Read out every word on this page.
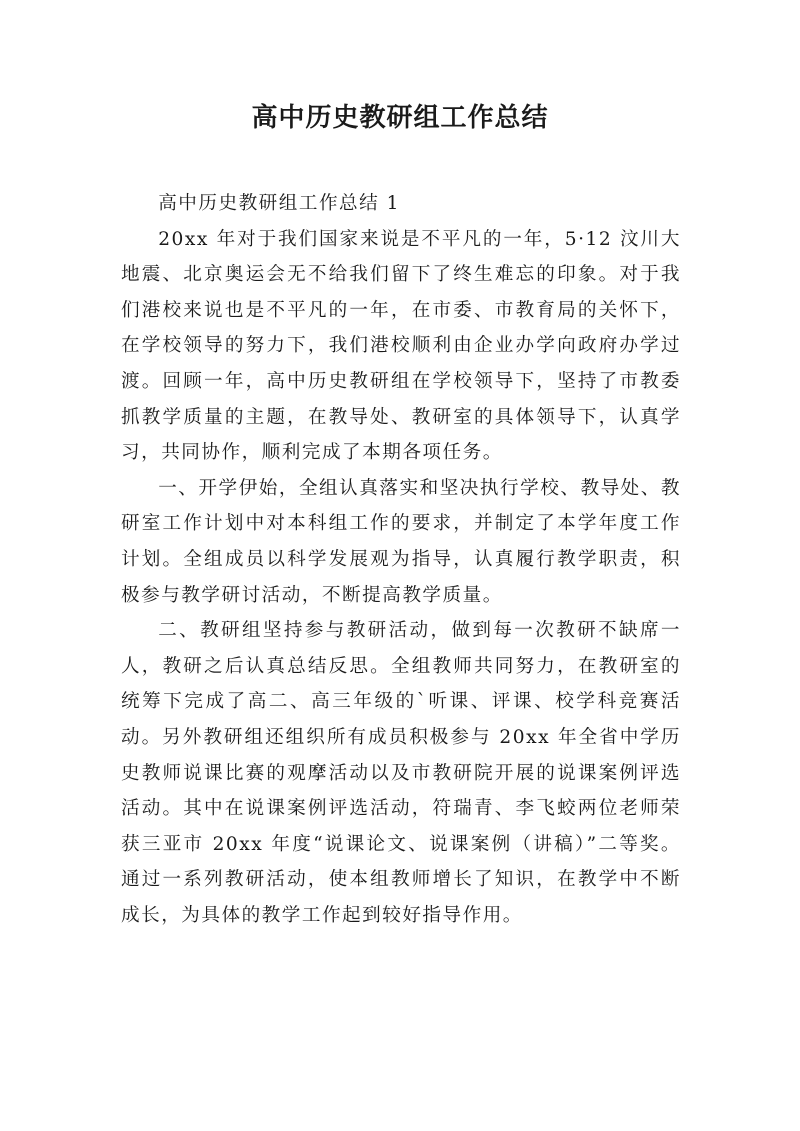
高中历史教研组工作总结

高中历史教研组工作总结 1

20xx 年对于我们国家来说是不平凡的一年，5·12 汶川大地震、北京奥运会无不给我们留下了终生难忘的印象。对于我们港校来说也是不平凡的一年，在市委、市教育局的关怀下，在学校领导的努力下，我们港校顺利由企业办学向政府办学过渡。回顾一年，高中历史教研组在学校领导下，坚持了市教委抓教学质量的主题，在教导处、教研室的具体领导下，认真学习，共同协作，顺利完成了本期各项任务。

一、开学伊始，全组认真落实和坚决执行学校、教导处、教研室工作计划中对本科组工作的要求，并制定了本学年度工作计划。全组成员以科学发展观为指导，认真履行教学职责，积极参与教学研讨活动，不断提高教学质量。

二、教研组坚持参与教研活动，做到每一次教研不缺席一人，教研之后认真总结反思。全组教师共同努力，在教研室的统筹下完成了高二、高三年级的`听课、评课、校学科竞赛活动。另外教研组还组织所有成员积极参与 20xx 年全省中学历史教师说课比赛的观摩活动以及市教研院开展的说课案例评选活动。其中在说课案例评选活动，符瑞青、李飞蛟两位老师荣获三亚市 20xx 年度“说课论文、说课案例（讲稿）”二等奖。通过一系列教研活动，使本组教师增长了知识，在教学中不断成长，为具体的教学工作起到较好指导作用。
